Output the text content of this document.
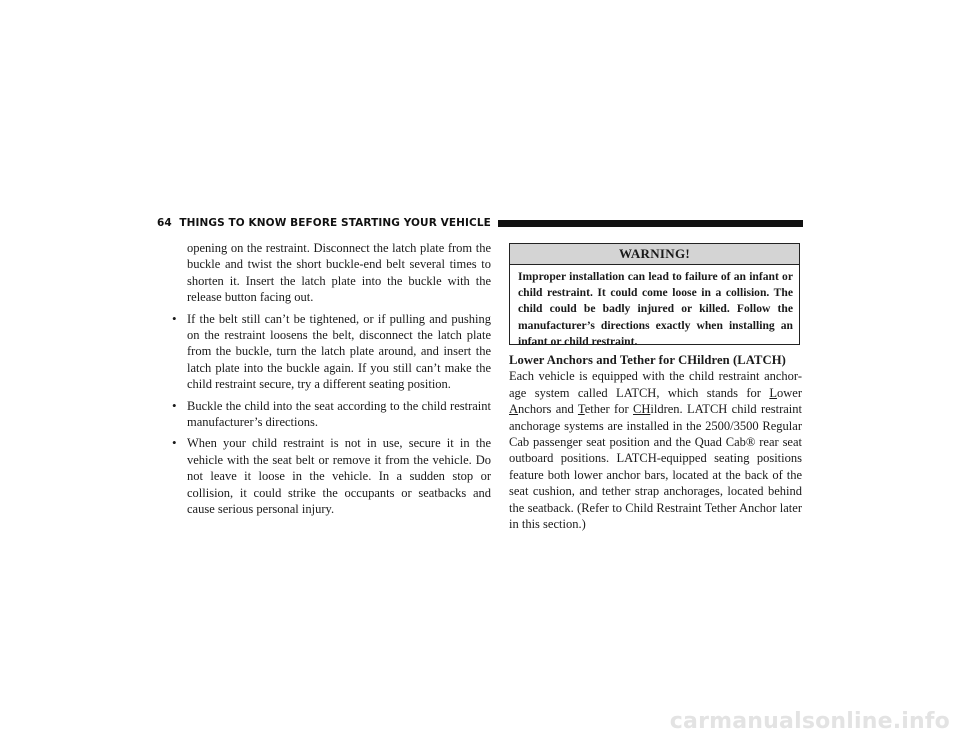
64 THINGS TO KNOW BEFORE STARTING YOUR VEHICLE

opening on the restraint. Disconnect the latch plate from the buckle and twist the short buckle-end belt several times to shorten it. Insert the latch plate into the buckle with the release button facing out.

• If the belt still can’t be tightened, or if pulling and pushing on the restraint loosens the belt, disconnect the latch plate from the buckle, turn the latch plate around, and insert the latch plate into the buckle again. If you still can’t make the child restraint secure, try a different seating position.
• Buckle the child into the seat according to the child restraint manufacturer’s directions.
• When your child restraint is not in use, secure it in the vehicle with the seat belt or remove it from the vehicle. Do not leave it loose in the vehicle. In a sudden stop or collision, it could strike the occupants or seatbacks and cause serious personal injury.
WARNING!
Improper installation can lead to failure of an infant or child restraint. It could come loose in a collision. The child could be badly injured or killed. Follow the manufacturer’s directions exactly when installing an infant or child restraint.
Lower Anchors and Tether for CHildren (LATCH)
Each vehicle is equipped with the child restraint anchor-age system called LATCH, which stands for Lower Anchors and Tether for CHildren. LATCH child restraint anchorage systems are installed in the 2500/3500 Regular Cab passenger seat position and the Quad Cab® rear seat outboard positions. LATCH-equipped seating positions feature both lower anchor bars, located at the back of the seat cushion, and tether strap anchorages, located behind the seatback. (Refer to Child Restraint Tether Anchor later in this section.)
carmanualsonline.info
